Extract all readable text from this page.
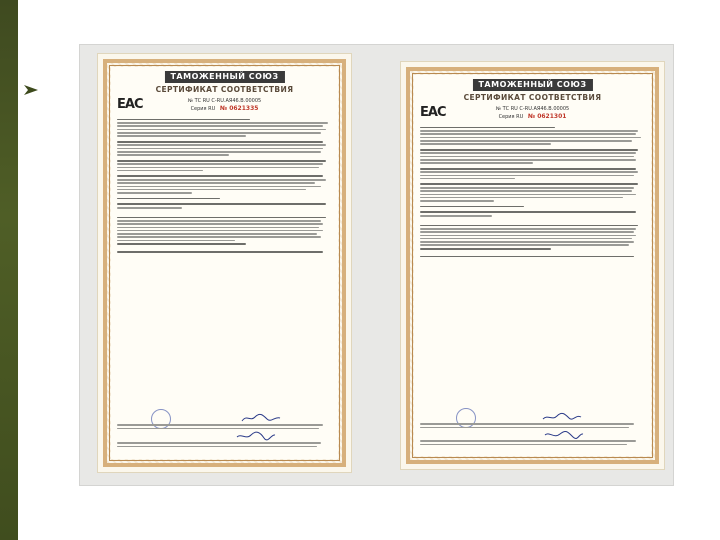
ТАМОЖЕННЫЙ СОЮЗ
СЕРТИФИКАТ СООТВЕТСТВИЯ
EAC	№ ТС RU С-RU.АЯ46.В.00005
Серия RU № 0621335
ТАМОЖЕННЫЙ СОЮЗ
СЕРТИФИКАТ СООТВЕТСТВИЯ
EAC	№ ТС RU С-RU.АЯ46.В.00005
Серия RU № 0621301
